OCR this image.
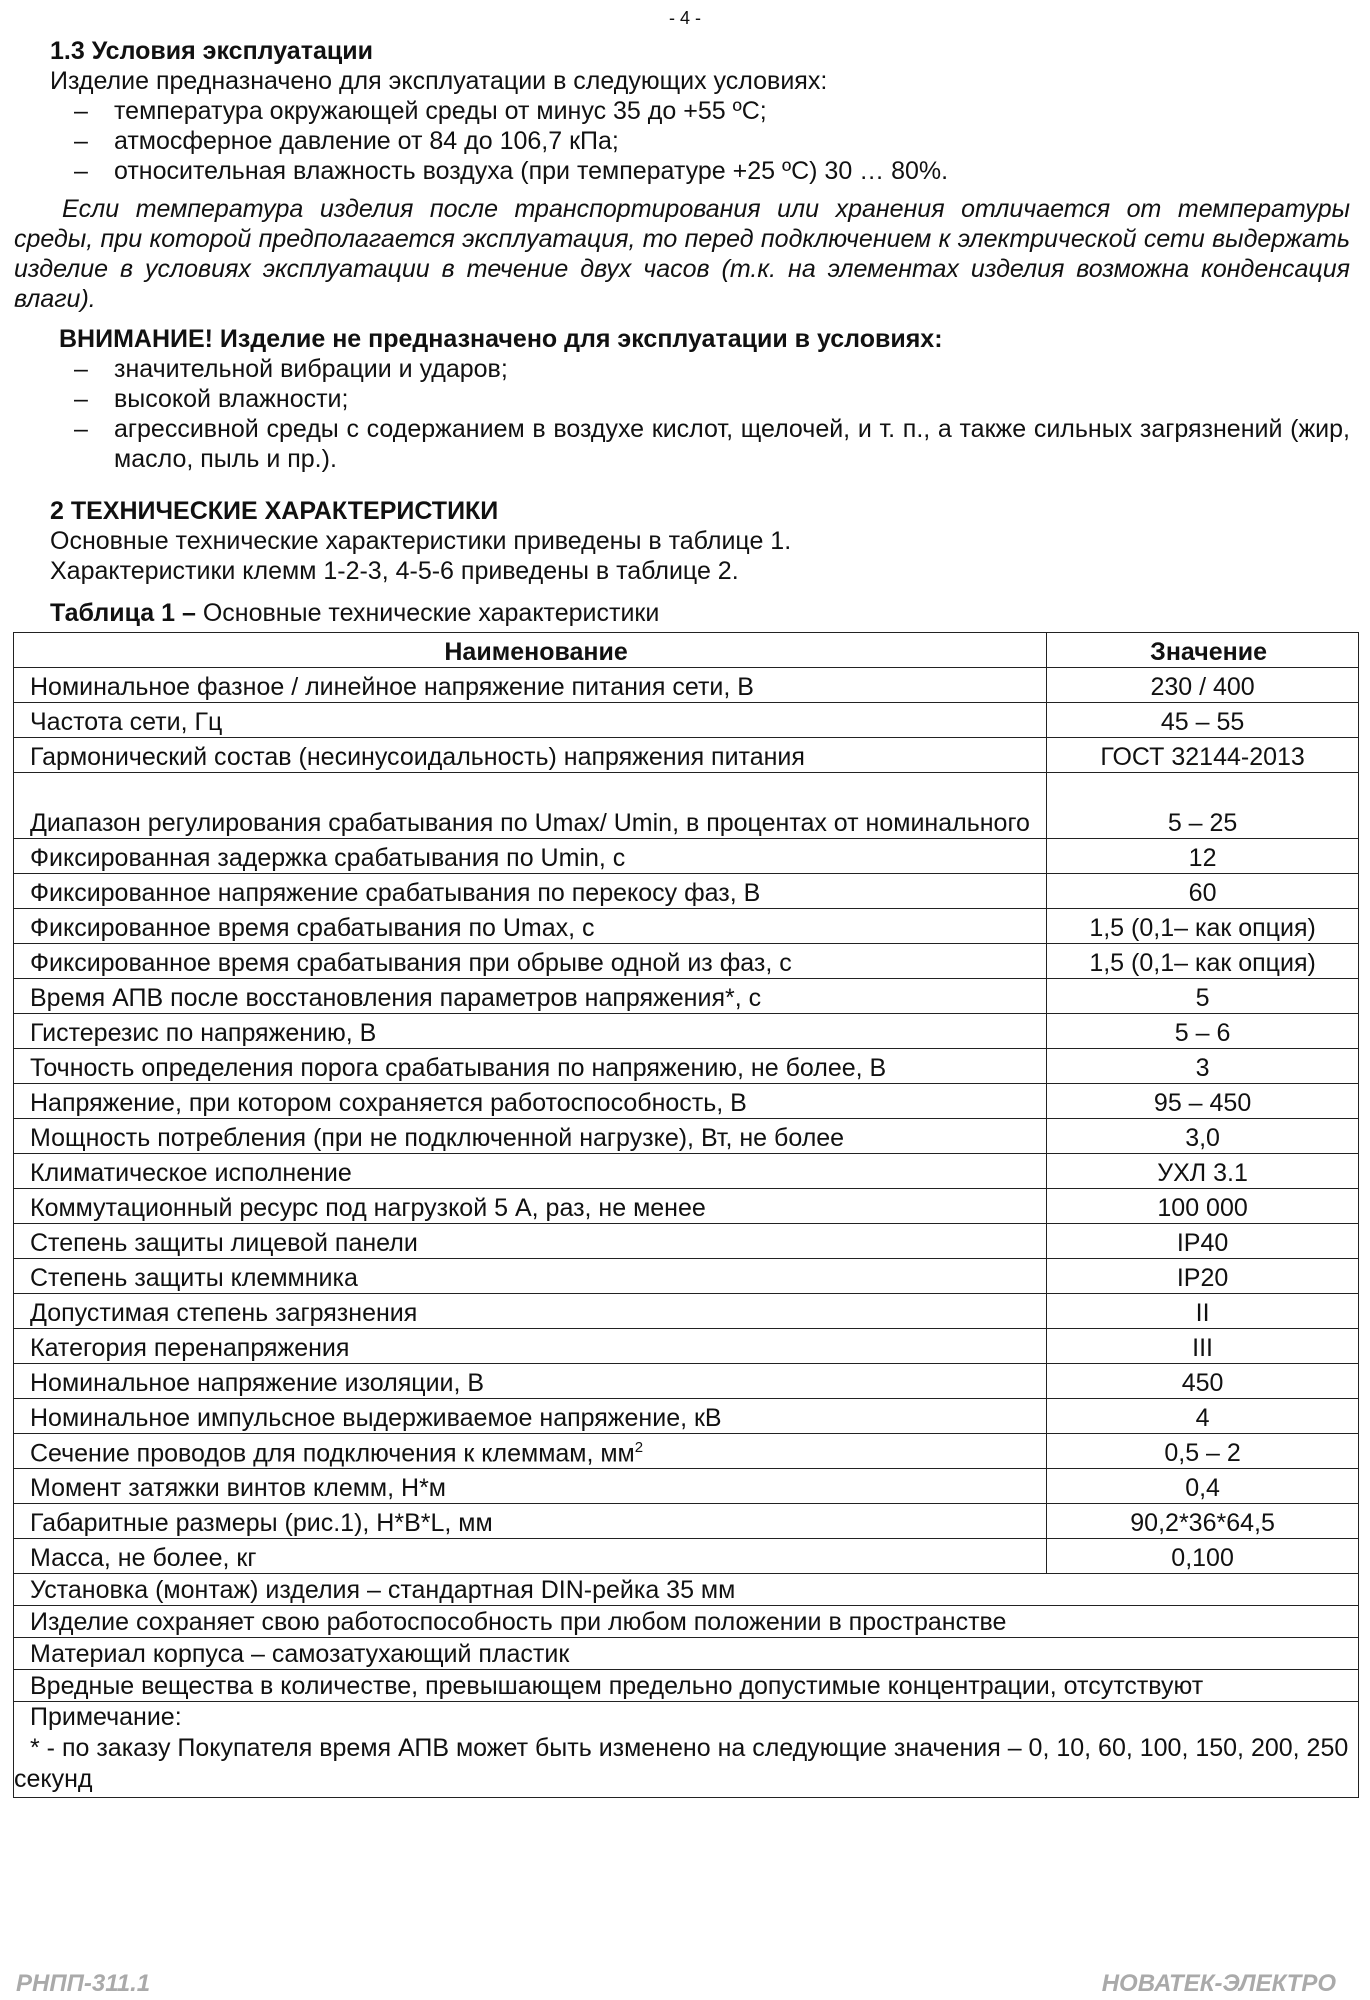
- 4 -
1.3 Условия эксплуатации
Изделие предназначено для эксплуатации в следующих условиях:
– температура окружающей среды от минус 35 до +55 ºС;
– атмосферное давление от 84 до 106,7 кПа;
– относительная влажность воздуха (при температуре +25 ºС) 30 … 80%.
Если температура изделия после транспортирования или хранения отличается от температуры среды, при которой предполагается эксплуатация, то перед подключением к электрической сети выдержать изделие в условиях эксплуатации в течение двух часов (т.к. на элементах изделия возможна конденсация влаги).
ВНИМАНИЕ! Изделие не предназначено для эксплуатации в условиях:
– значительной вибрации и ударов;
– высокой влажности;
– агрессивной среды с содержанием в воздухе кислот, щелочей, и т. п., а также сильных загрязнений (жир, масло, пыль и пр.).
2 ТЕХНИЧЕСКИЕ ХАРАКТЕРИСТИКИ
Основные технические характеристики приведены в таблице 1.
Характеристики клемм 1-2-3, 4-5-6 приведены в таблице 2.
Таблица 1 – Основные технические характеристики
Наименование	Значение
Номинальное фазное / линейное напряжение питания сети, В	230 / 400
Частота сети, Гц	45 – 55
Гармонический состав (несинусоидальность) напряжения питания	ГОСТ 32144-2013
Диапазон регулирования срабатывания по Umax/ Umin, в процентах от номинального	5 – 25
Фиксированная задержка срабатывания по Umin, с	12
Фиксированное напряжение срабатывания по перекосу фаз, В	60
Фиксированное время срабатывания по Umax, с	1,5 (0,1– как опция)
Фиксированное время срабатывания при обрыве одной из фаз, с	1,5 (0,1– как опция)
Время АПВ после восстановления параметров напряжения*, с	5
Гистерезис по напряжению, В	5 – 6
Точность определения порога срабатывания по напряжению, не более, В	3
Напряжение, при котором сохраняется работоспособность, В	95 – 450
Мощность потребления (при не подключенной нагрузке), Вт, не более	3,0
Климатическое исполнение	УХЛ 3.1
Коммутационный ресурс под нагрузкой 5 А, раз, не менее	100 000
Степень защиты лицевой панели	IP40
Степень защиты клеммника	IP20
Допустимая степень загрязнения	II
Категория перенапряжения	III
Номинальное напряжение изоляции, В	450
Номинальное импульсное выдерживаемое напряжение, кВ	4
Сечение проводов для подключения к клеммам, $мм^2$	0,5 – 2
Момент затяжки винтов клемм, Н*м	0,4
Габаритные размеры (рис.1), Н*В*L, мм	90,2*36*64,5
Масса, не более, кг	0,100
Установка (монтаж) изделия – стандартная DIN-рейка 35 мм	
Изделие сохраняет свою работоспособность при любом положении в пространстве	
Материал корпуса – самозатухающий пластик	
Вредные вещества в количестве, превышающем предельно допустимые концентрации, отсутствуют	

Примечание:
* - по заказу Покупателя время АПВ может быть изменено на следующие значения – 0, 10, 60, 100, 150, 200, 250 секунд	
РНПП-311.1	НОВАТЕК-ЭЛЕКТРО
